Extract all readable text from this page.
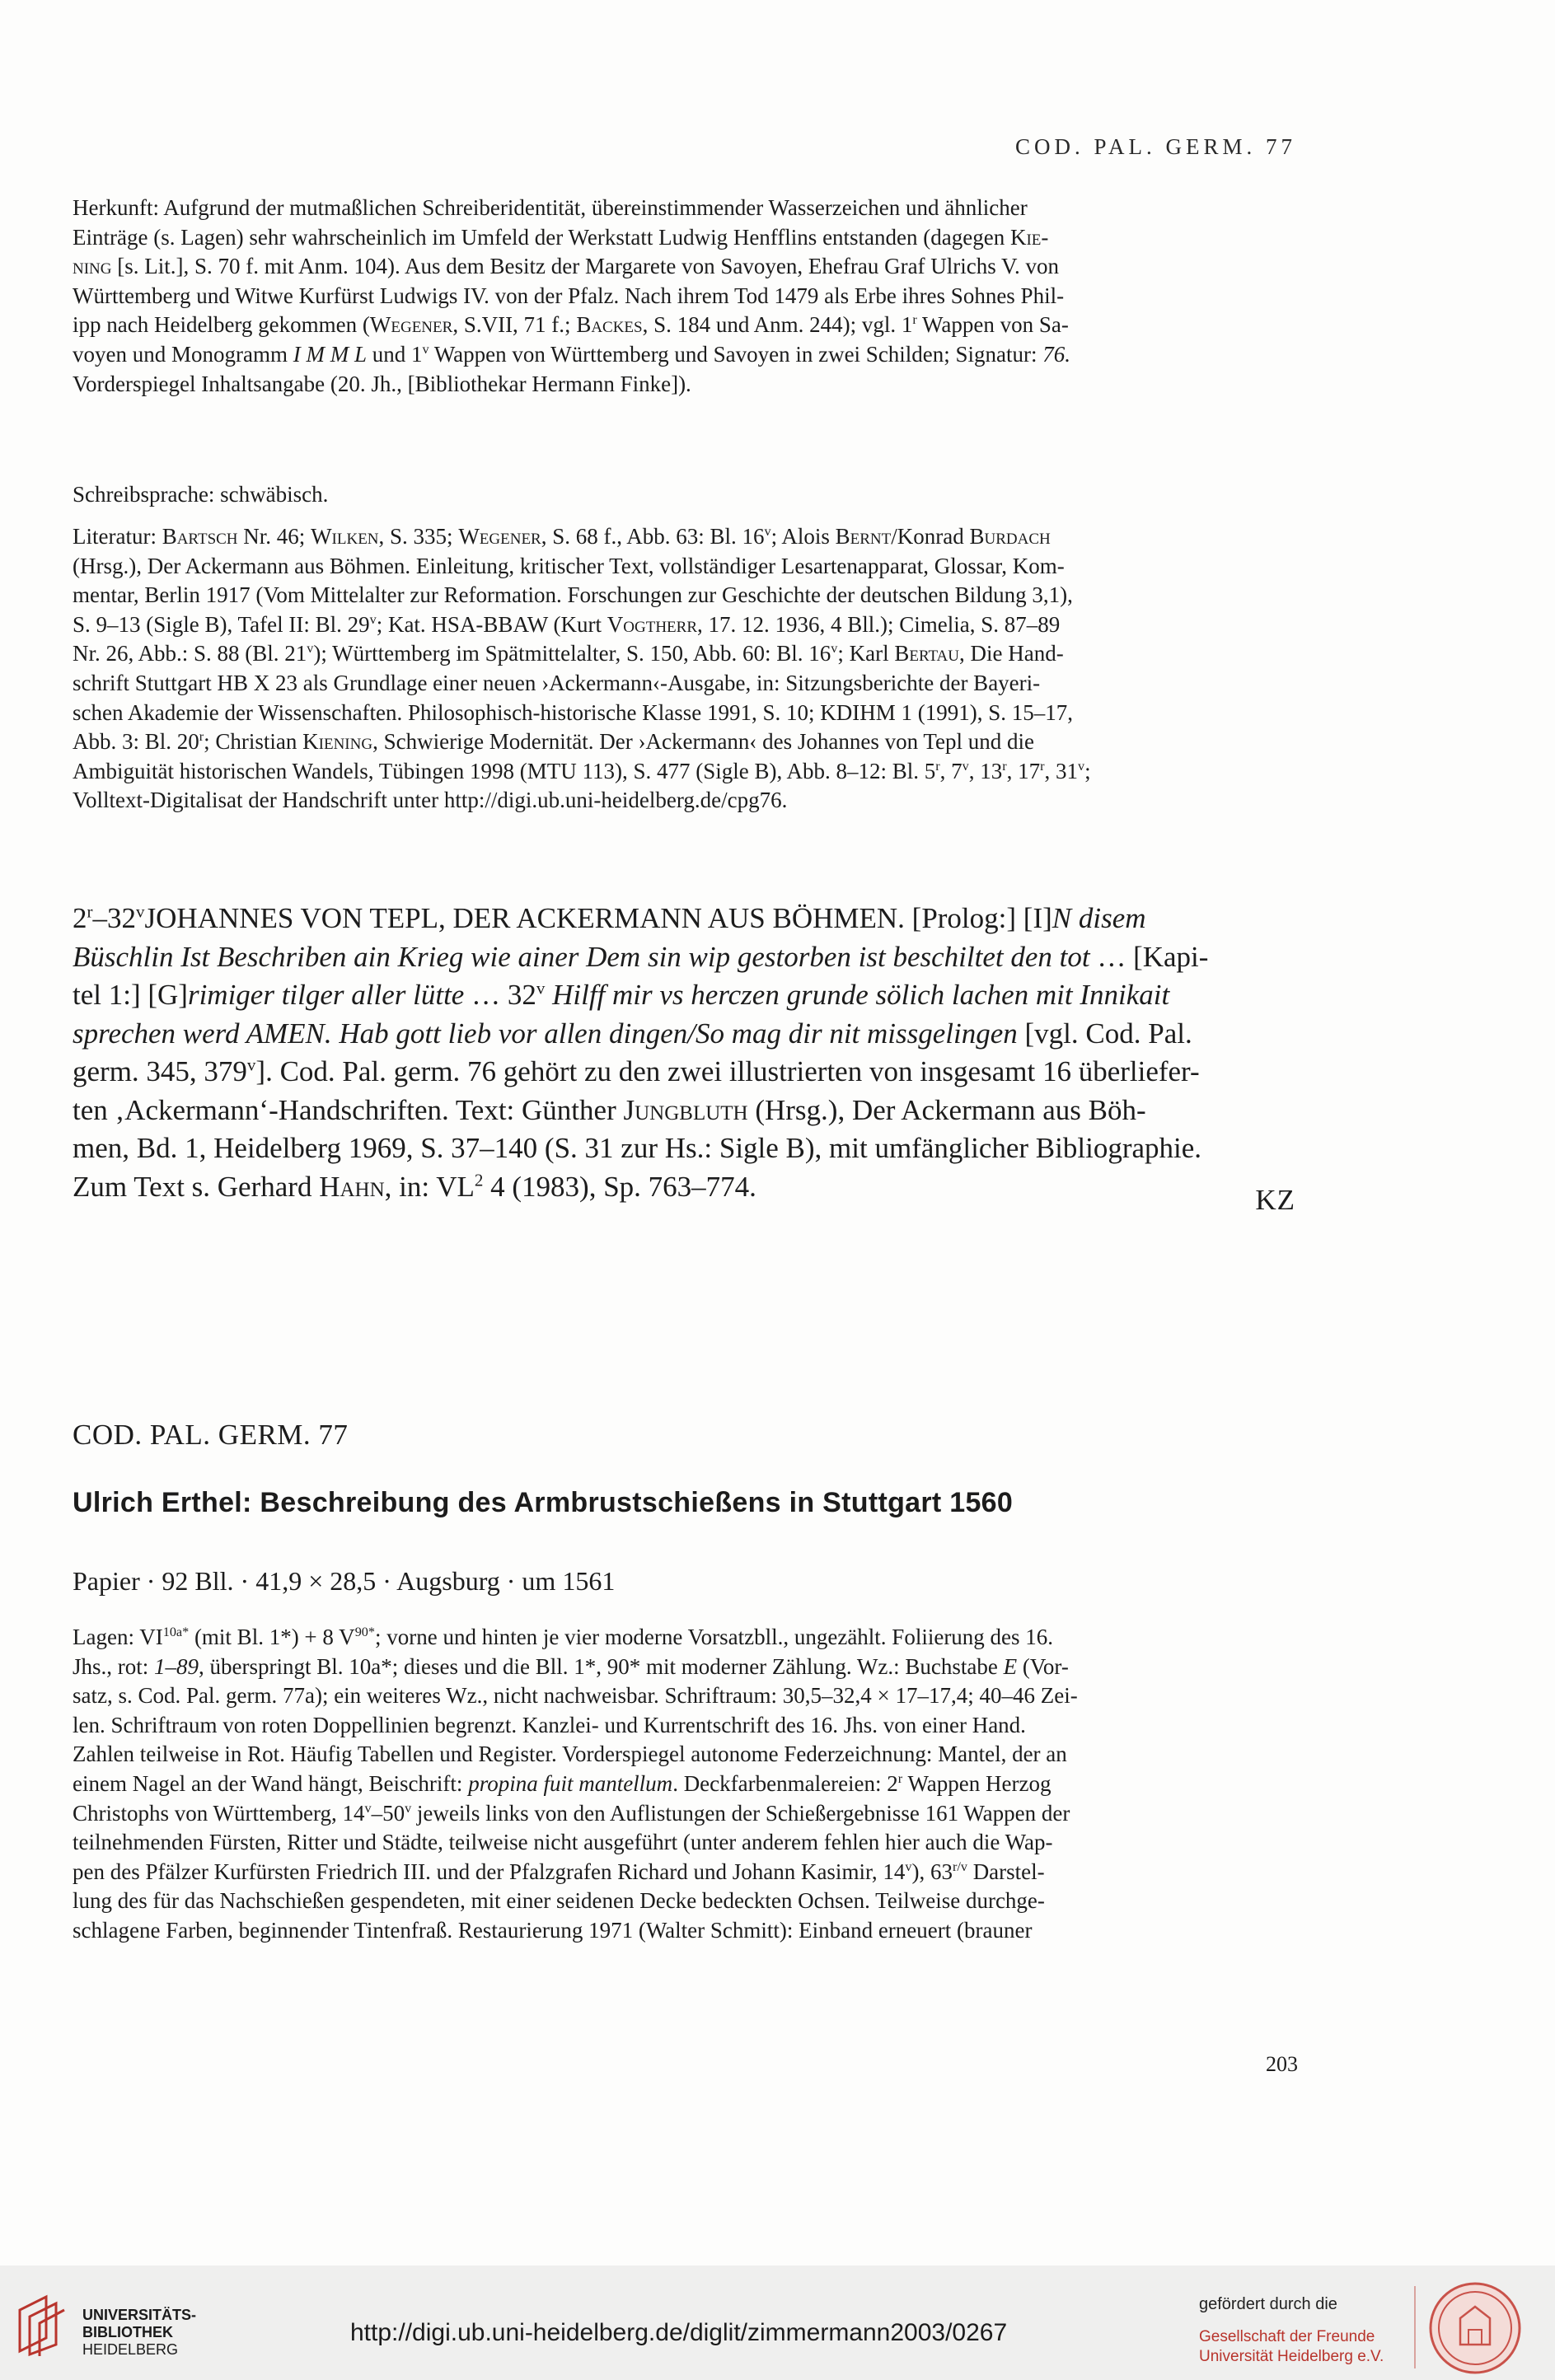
COD. PAL. GERM. 77

Herkunft: Aufgrund der mutmaßlichen Schreiberidentität, übereinstimmender Wasserzeichen und ähnlicher

Einträge (s. Lagen) sehr wahrscheinlich im Umfeld der Werkstatt Ludwig Henfflins entstanden (dagegen Kie-

ning [s. Lit.], S. 70 f. mit Anm. 104). Aus dem Besitz der Margarete von Savoyen, Ehefrau Graf Ulrichs V. von

Württemberg und Witwe Kurfürst Ludwigs IV. von der Pfalz. Nach ihrem Tod 1479 als Erbe ihres Sohnes Phil-

ipp nach Heidelberg gekommen (Wegener, S.VII, 71 f.; Backes, S. 184 und Anm. 244); vgl. 1$^r$ Wappen von Sa-

voyen und Monogramm I M M L und 1$^v$ Wappen von Württemberg und Savoyen in zwei Schilden; Signatur: 76.

Vorderspiegel Inhaltsangabe (20. Jh., [Bibliothekar Hermann Finke]).

Schreibsprache: schwäbisch.

Literatur: Bartsch Nr. 46; Wilken, S. 335; Wegener, S. 68 f., Abb. 63: Bl. 16$^v$; Alois Bernt/Konrad Burdach

(Hrsg.), Der Ackermann aus Böhmen. Einleitung, kritischer Text, vollständiger Lesartenapparat, Glossar, Kom-

mentar, Berlin 1917 (Vom Mittelalter zur Reformation. Forschungen zur Geschichte der deutschen Bildung 3,1),

S. 9–13 (Sigle B), Tafel II: Bl. 29$^v$; Kat. HSA-BBAW (Kurt Vogtherr, 17. 12. 1936, 4 Bll.); Cimelia, S. 87–89

Nr. 26, Abb.: S. 88 (Bl. 21$^v$); Württemberg im Spätmittelalter, S. 150, Abb. 60: Bl. 16$^v$; Karl Bertau, Die Hand-

schrift Stuttgart HB X 23 als Grundlage einer neuen ›Ackermann‹-Ausgabe, in: Sitzungsberichte der Bayeri-

schen Akademie der Wissenschaften. Philosophisch-historische Klasse 1991, S. 10; KDIHM 1 (1991), S. 15–17,

Abb. 3: Bl. 20$^r$; Christian Kiening, Schwierige Modernität. Der ›Ackermann‹ des Johannes von Tepl und die

Ambiguität historischen Wandels, Tübingen 1998 (MTU 113), S. 477 (Sigle B), Abb. 8–12: Bl. 5$^r$, 7$^v$, 13$^r$, 17$^r$, 31$^v$;

Volltext-Digitalisat der Handschrift unter http://digi.ub.uni-heidelberg.de/cpg76.

2$^r$–32$^v$JOHANNES VON TEPL, DER ACKERMANN AUS BÖHMEN. [Prolog:] [I]N disem

Büschlin Ist Beschriben ain Krieg wie ainer Dem sin wip gestorben ist beschiltet den tot … [Kapi-

tel 1:] [G]rimiger tilger aller lütte … 32$^v$ Hilff mir vs herczen grunde sölich lachen mit Innikait

sprechen werd AMEN. Hab gott lieb vor allen dingen/So mag dir nit missgelingen [vgl. Cod. Pal.

germ. 345, 379$^v$]. Cod. Pal. germ. 76 gehört zu den zwei illustrierten von insgesamt 16 überliefer-

ten ‚Ackermann‘-Handschriften. Text: Günther Jungbluth (Hrsg.), Der Ackermann aus Böh-

men, Bd. 1, Heidelberg 1969, S. 37–140 (S. 31 zur Hs.: Sigle B), mit umfänglicher Bibliographie.

Zum Text s. Gerhard Hahn, in: $VL^2$ 4 (1983), Sp. 763–774.	KZ
COD. PAL. GERM. 77
Ulrich Erthel: Beschreibung des Armbrustschießens in Stuttgart 1560
Papier · 92 Bll. · 41,9 × 28,5 · Augsburg · um 1561

Lagen: $VI^{10a*}$ (mit Bl. 1*) + 8 $V^{90*}$; vorne und hinten je vier moderne Vorsatzbll., ungezählt. Foliierung des 16.

Jhs., rot: 1–89, überspringt Bl. 10a*; dieses und die Bll. 1*, 90* mit moderner Zählung. Wz.: Buchstabe E (Vor-

satz, s. Cod. Pal. germ. 77a); ein weiteres Wz., nicht nachweisbar. Schriftraum: 30,5–32,4 × 17–17,4; 40–46 Zei-

len. Schriftraum von roten Doppellinien begrenzt. Kanzlei- und Kurrentschrift des 16. Jhs. von einer Hand.

Zahlen teilweise in Rot. Häufig Tabellen und Register. Vorderspiegel autonome Federzeichnung: Mantel, der an

einem Nagel an der Wand hängt, Beischrift: propina fuit mantellum. Deckfarbenmalereien: 2$^r$ Wappen Herzog

Christophs von Württemberg, 14$^v$–50$^v$ jeweils links von den Auflistungen der Schießergebnisse 161 Wappen der

teilnehmenden Fürsten, Ritter und Städte, teilweise nicht ausgeführt (unter anderem fehlen hier auch die Wap-

pen des Pfälzer Kurfürsten Friedrich III. und der Pfalzgrafen Richard und Johann Kasimir, 14$^v$), $63^{r/v}$ Darstel-

lung des für das Nachschießen gespendeten, mit einer seidenen Decke bedeckten Ochsen. Teilweise durchge-

schlagene Farben, beginnender Tintenfraß. Restaurierung 1971 (Walter Schmitt): Einband erneuert (brauner

203
UNIVERSITÄTS-
BIBLIOTHEK
HEIDELBERG
http://digi.ub.uni-heidelberg.de/diglit/zimmermann2003/0267
gefördert durch die
Gesellschaft der Freunde
Universität Heidelberg e.V.
